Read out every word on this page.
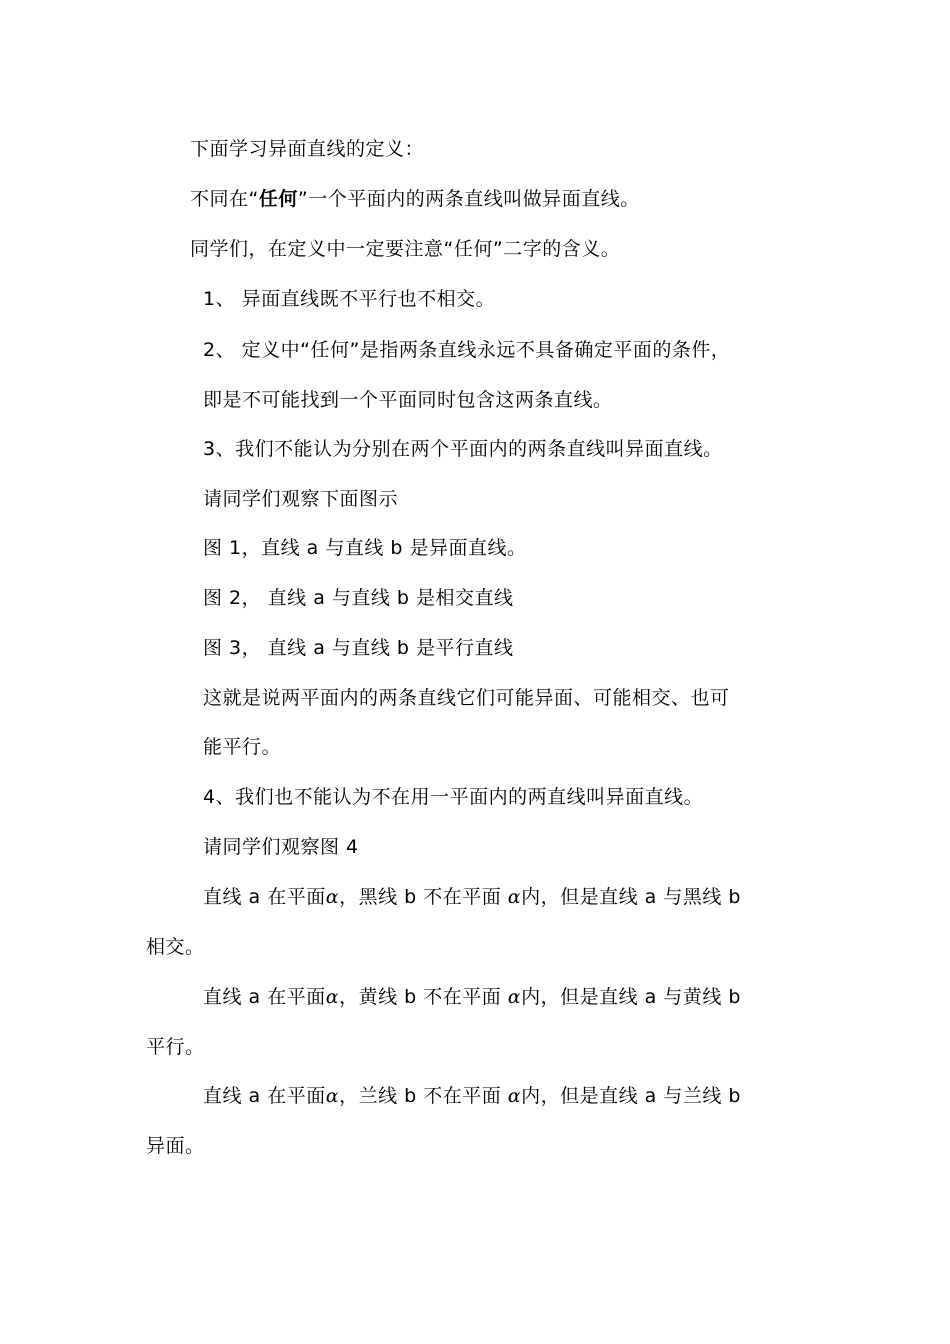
下面学习异面直线的定义：
不同在“任何”一个平面内的两条直线叫做异面直线。
同学们，在定义中一定要注意“任何”二字的含义。
1、 异面直线既不平行也不相交。
2、 定义中“任何”是指两条直线永远不具备确定平面的条件，
即是不可能找到一个平面同时包含这两条直线。
3、我们不能认为分别在两个平面内的两条直线叫异面直线。
请同学们观察下面图示
图 1，直线 a 与直线 b 是异面直线。
图 2， 直线 a 与直线 b 是相交直线
图 3， 直线 a 与直线 b 是平行直线
这就是说两平面内的两条直线它们可能异面、可能相交、也可
能平行。
4、我们也不能认为不在用一平面内的两直线叫异面直线。
请同学们观察图 4
直线 a 在平面α，黑线 b 不在平面 α内，但是直线 a 与黑线 b
相交。
直线 a 在平面α，黄线 b 不在平面 α内，但是直线 a 与黄线 b
平行。
直线 a 在平面α，兰线 b 不在平面 α内，但是直线 a 与兰线 b
异面。
